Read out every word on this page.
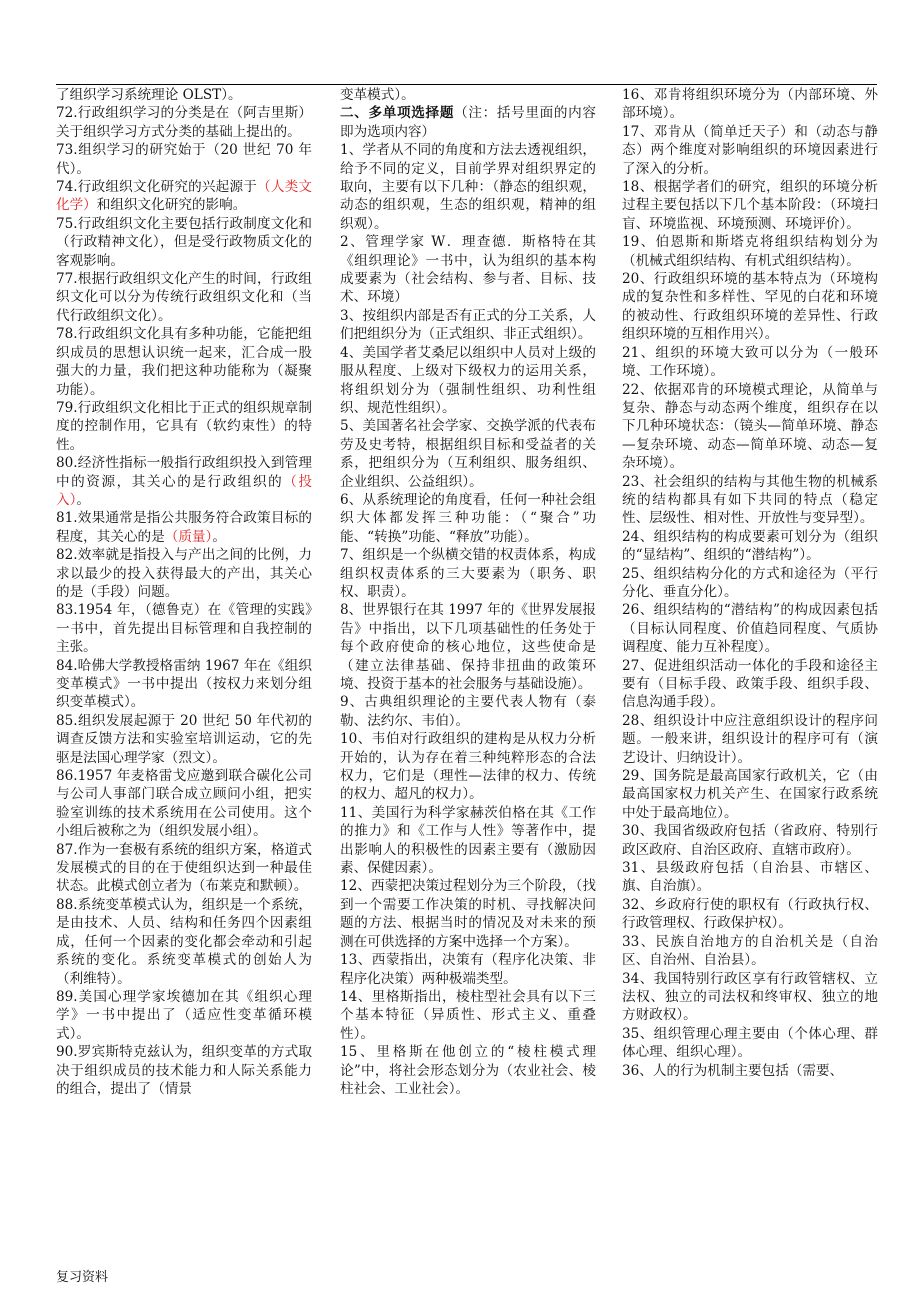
了组织学习系统理论 OLST）。

72.行政组织学习的分类是在（阿吉里斯）关于组织学习方式分类的基础上提出的。

73.组织学习的研究始于（20 世纪 70 年代）。

74.行政组织文化研究的兴起源于（人类文化学）和组织文化研究的影响。

75.行政组织文化主要包括行政制度文化和（行政精神文化），但是受行政物质文化的客观影响。

77.根据行政组织文化产生的时间，行政组织文化可以分为传统行政组织文化和（当代行政组织文化）。

78.行政组织文化具有多种功能，它能把组织成员的思想认识统一起来，汇合成一股强大的力量，我们把这种功能称为（凝聚功能）。

79.行政组织文化相比于正式的组织规章制度的控制作用，它具有（软约束性）的特性。

80.经济性指标一般指行政组织投入到管理中的资源，其关心的是行政组织的（投入）。

81.效果通常是指公共服务符合政策目标的程度，其关心的是（质量）。

82.效率就是指投入与产出之间的比例，力求以最少的投入获得最大的产出，其关心的是（手段）问题。

83.1954 年，（德鲁克）在《管理的实践》一书中，首先提出目标管理和自我控制的主张。

84.哈佛大学教授格雷纳 1967 年在《组织变革模式》一书中提出（按权力来划分组织变革模式）。

85.组织发展起源于 20 世纪 50 年代初的调查反馈方法和实验室培训运动，它的先驱是法国心理学家（烈文）。

86.1957 年麦格雷戈应邀到联合碳化公司与公司人事部门联合成立顾问小组，把实验室训练的技术系统用在公司使用。这个小组后被称之为（组织发展小组）。

87.作为一套极有系统的组织方案，格道式发展模式的目的在于使组织达到一种最佳状态。此模式创立者为（布莱克和默顿）。

88.系统变革模式认为，组织是一个系统，是由技术、人员、结构和任务四个因素组成，任何一个因素的变化都会牵动和引起系统的变化。系统变革模式的创始人为（利维特）。

89.美国心理学家埃德加在其《组织心理学》一书中提出了（适应性变革循环模式）。

90.罗宾斯特克兹认为，组织变革的方式取决于组织成员的技术能力和人际关系能力的组合，提出了（情景

变革模式）。

二、多单项选择题（注：括号里面的内容即为选项内容）

1、学者从不同的角度和方法去透视组织，给予不同的定义，目前学界对组织界定的取向，主要有以下几种：（静态的组织观，动态的组织观，生态的组织观，精神的组织观）。

2、管理学家 W．理查德．斯格特在其《组织理论》一书中，认为组织的基本构成要素为（社会结构、参与者、目标、技术、环境）

3、按组织内部是否有正式的分工关系，人们把组织分为（正式组织、非正式组织）。

4、美国学者艾桑尼以组织中人员对上级的服从程度、上级对下级权力的运用关系，将组织划分为（强制性组织、功利性组织、规范性组织）。

5、美国著名社会学家、交换学派的代表布劳及史考特，根据组织目标和受益者的关系，把组织分为（互利组织、服务组织、企业组织、公益组织）。

6、从系统理论的角度看，任何一种社会组织大体都发挥三种功能：（“聚合”功能、“转换”功能、“释放”功能）。

7、组织是一个纵横交错的权责体系，构成组织权责体系的三大要素为（职务、职权、职责）。

8、世界银行在其 1997 年的《世界发展报告》中指出，以下几项基础性的任务处于每个政府使命的核心地位，这些使命是（建立法律基础、保持非扭曲的政策环境、投资于基本的社会服务与基础设施）。

9、古典组织理论的主要代表人物有（泰勒、法约尔、韦伯）。

10、韦伯对行政组织的建构是从权力分析开始的，认为存在着三种纯粹形态的合法权力，它们是（理性—法律的权力、传统的权力、超凡的权力）。

11、美国行为科学家赫茨伯格在其《工作的推力》和《工作与人性》等著作中，提出影响人的积极性的因素主要有（激励因素、保健因素）。

12、西蒙把决策过程划分为三个阶段，（找到一个需要工作决策的时机、寻找解决问题的方法、根据当时的情况及对未来的预测在可供选择的方案中选择一个方案）。

13、西蒙指出，决策有（程序化决策、非程序化决策）两种极端类型。

14、里格斯指出，棱柱型社会具有以下三个基本特征（异质性、形式主义、重叠性）。

15、里格斯在他创立的“棱柱模式理论”中，将社会形态划分为（农业社会、棱柱社会、工业社会）。

16、邓肯将组织环境分为（内部环境、外部环境）。

17、邓肯从（简单迁天子）和（动态与静态）两个维度对影响组织的环境因素进行了深入的分析。

18、根据学者们的研究，组织的环境分析过程主要包括以下几个基本阶段：（环境扫盲、环境监视、环境预测、环境评价）。

19、伯恩斯和斯塔克将组织结构划分为（机械式组织结构、有机式组织结构）。

20、行政组织环境的基本特点为（环境构成的复杂性和多样性、罕见的白花和环境的被动性、行政组织环境的差异性、行政组织环境的互相作用兴）。

21、组织的环境大致可以分为（一般环境、工作环境）。

22、依据邓肯的环境模式理论，从简单与复杂、静态与动态两个维度，组织存在以下几种环境状态：（镜头—简单环境、静态—复杂环境、动态—简单环境、动态—复杂环境）。

23、社会组织的结构与其他生物的机械系统的结构都具有如下共同的特点（稳定性、层级性、相对性、开放性与变异型）。

24、组织结构的构成要素可划分为（组织的“显结构”、组织的“潜结构”）。

25、组织结构分化的方式和途径为（平行分化、垂直分化）。

26、组织结构的“潜结构”的构成因素包括（目标认同程度、价值趋同程度、气质协调程度、能力互补程度）。

27、促进组织活动一体化的手段和途径主要有（目标手段、政策手段、组织手段、信息沟通手段）。

28、组织设计中应注意组织设计的程序问题。一般来讲，组织设计的程序可有（演艺设计、归纳设计）。

29、国务院是最高国家行政机关，它（由最高国家权力机关产生、在国家行政系统中处于最高地位）。

30、我国省级政府包括（省政府、特别行政区政府、自治区政府、直辖市政府）。

31、县级政府包括（自治县、市辖区、旗、自治旗）。

32、乡政府行使的职权有（行政执行权、行政管理权、行政保护权）。

33、民族自治地方的自治机关是（自治区、自治州、自治县）。

34、我国特别行政区享有行政管辖权、立法权、独立的司法权和终审权、独立的地方财政权）。

35、组织管理心理主要由（个体心理、群体心理、组织心理）。

36、人的行为机制主要包括（需要、

复习资料
